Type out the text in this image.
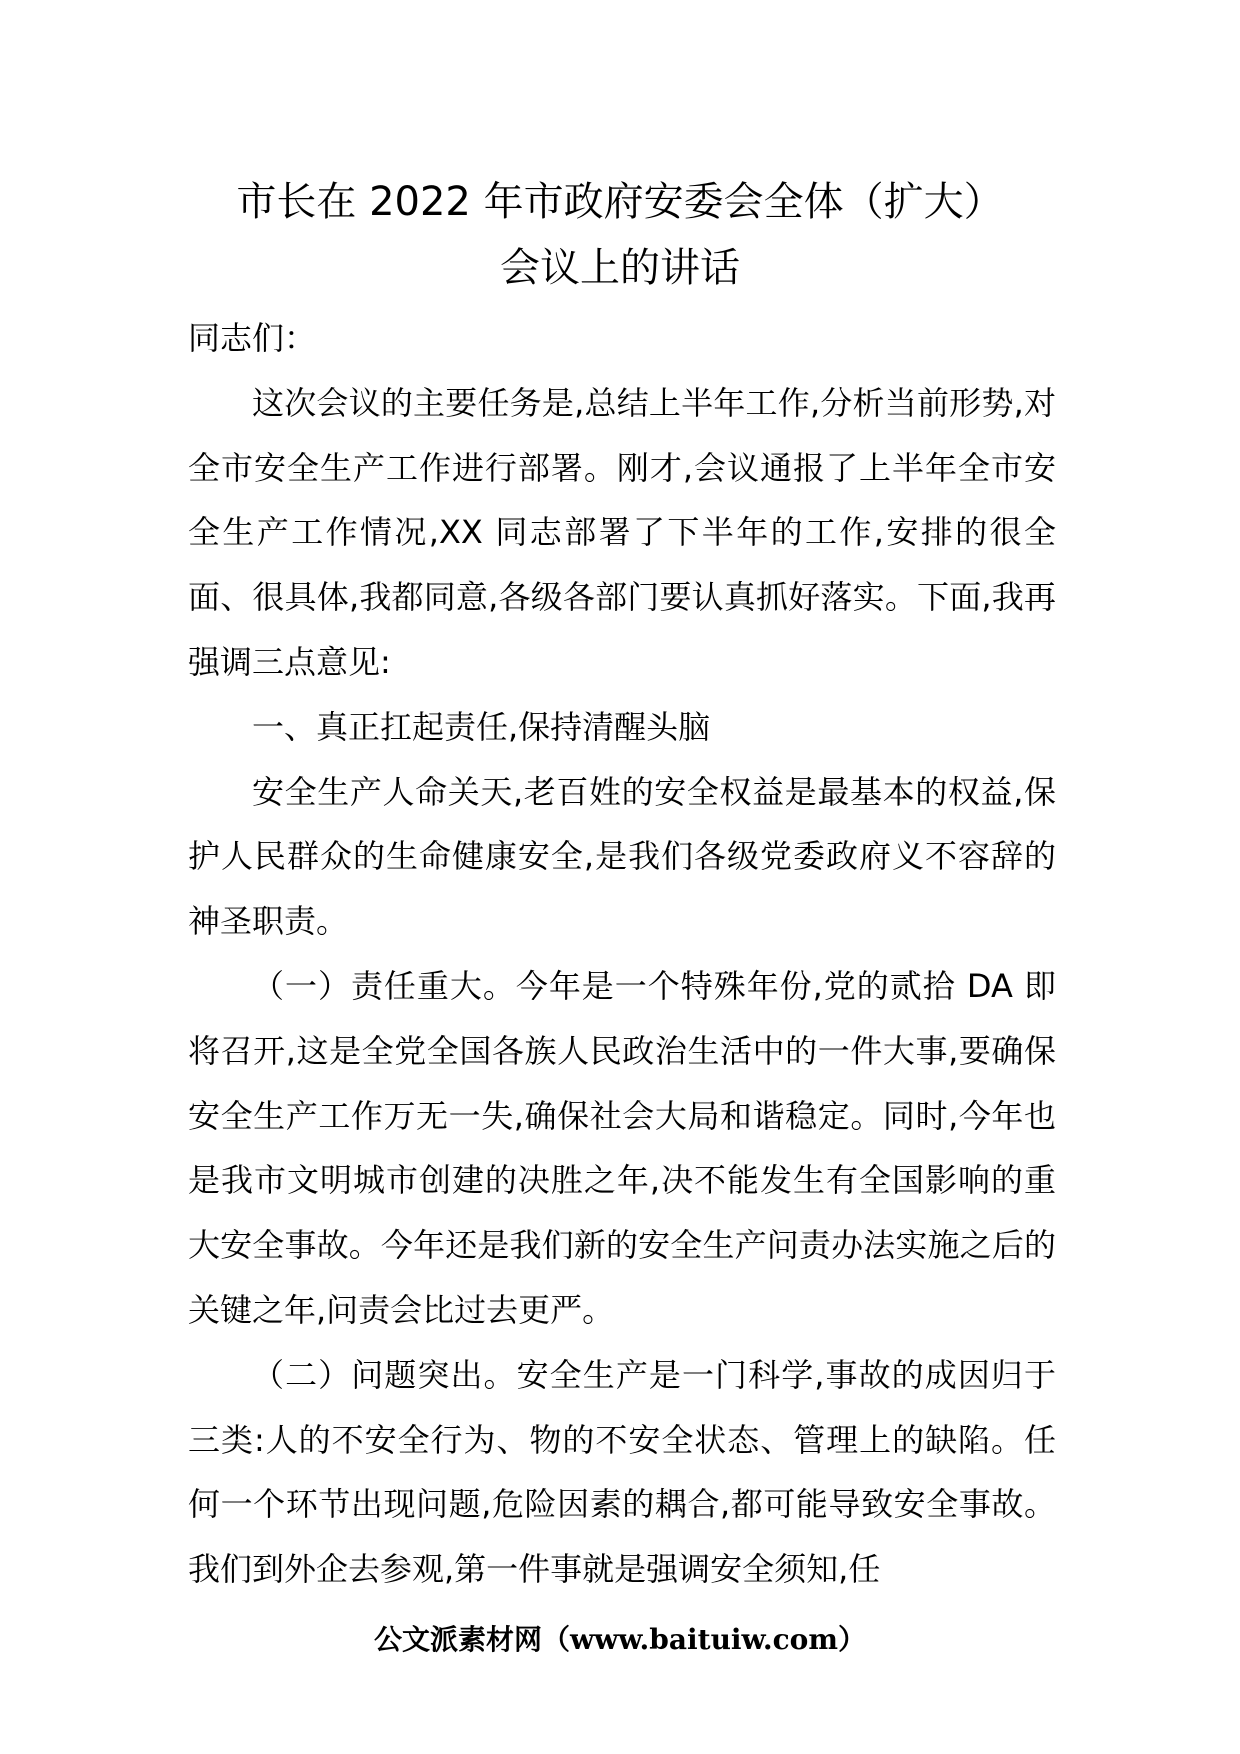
市长在 2022 年市政府安委会全体（扩大）
会议上的讲话

同志们：

这次会议的主要任务是,总结上半年工作,分析当前形势,对全市安全生产工作进行部署。刚才,会议通报了上半年全市安全生产工作情况,XX 同志部署了下半年的工作,安排的很全面、很具体,我都同意,各级各部门要认真抓好落实。下面,我再强调三点意见:

一、真正扛起责任,保持清醒头脑

安全生产人命关天,老百姓的安全权益是最基本的权益,保护人民群众的生命健康安全,是我们各级党委政府义不容辞的神圣职责。

（一）责任重大。今年是一个特殊年份,党的贰拾 DA 即将召开,这是全党全国各族人民政治生活中的一件大事,要确保安全生产工作万无一失,确保社会大局和谐稳定。同时,今年也是我市文明城市创建的决胜之年,决不能发生有全国影响的重大安全事故。今年还是我们新的安全生产问责办法实施之后的关键之年,问责会比过去更严。

（二）问题突出。安全生产是一门科学,事故的成因归于三类:人的不安全行为、物的不安全状态、管理上的缺陷。任何一个环节出现问题,危险因素的耦合,都可能导致安全事故。我们到外企去参观,第一件事就是强调安全须知,任

公文派素材网（www.baituiw.com）
